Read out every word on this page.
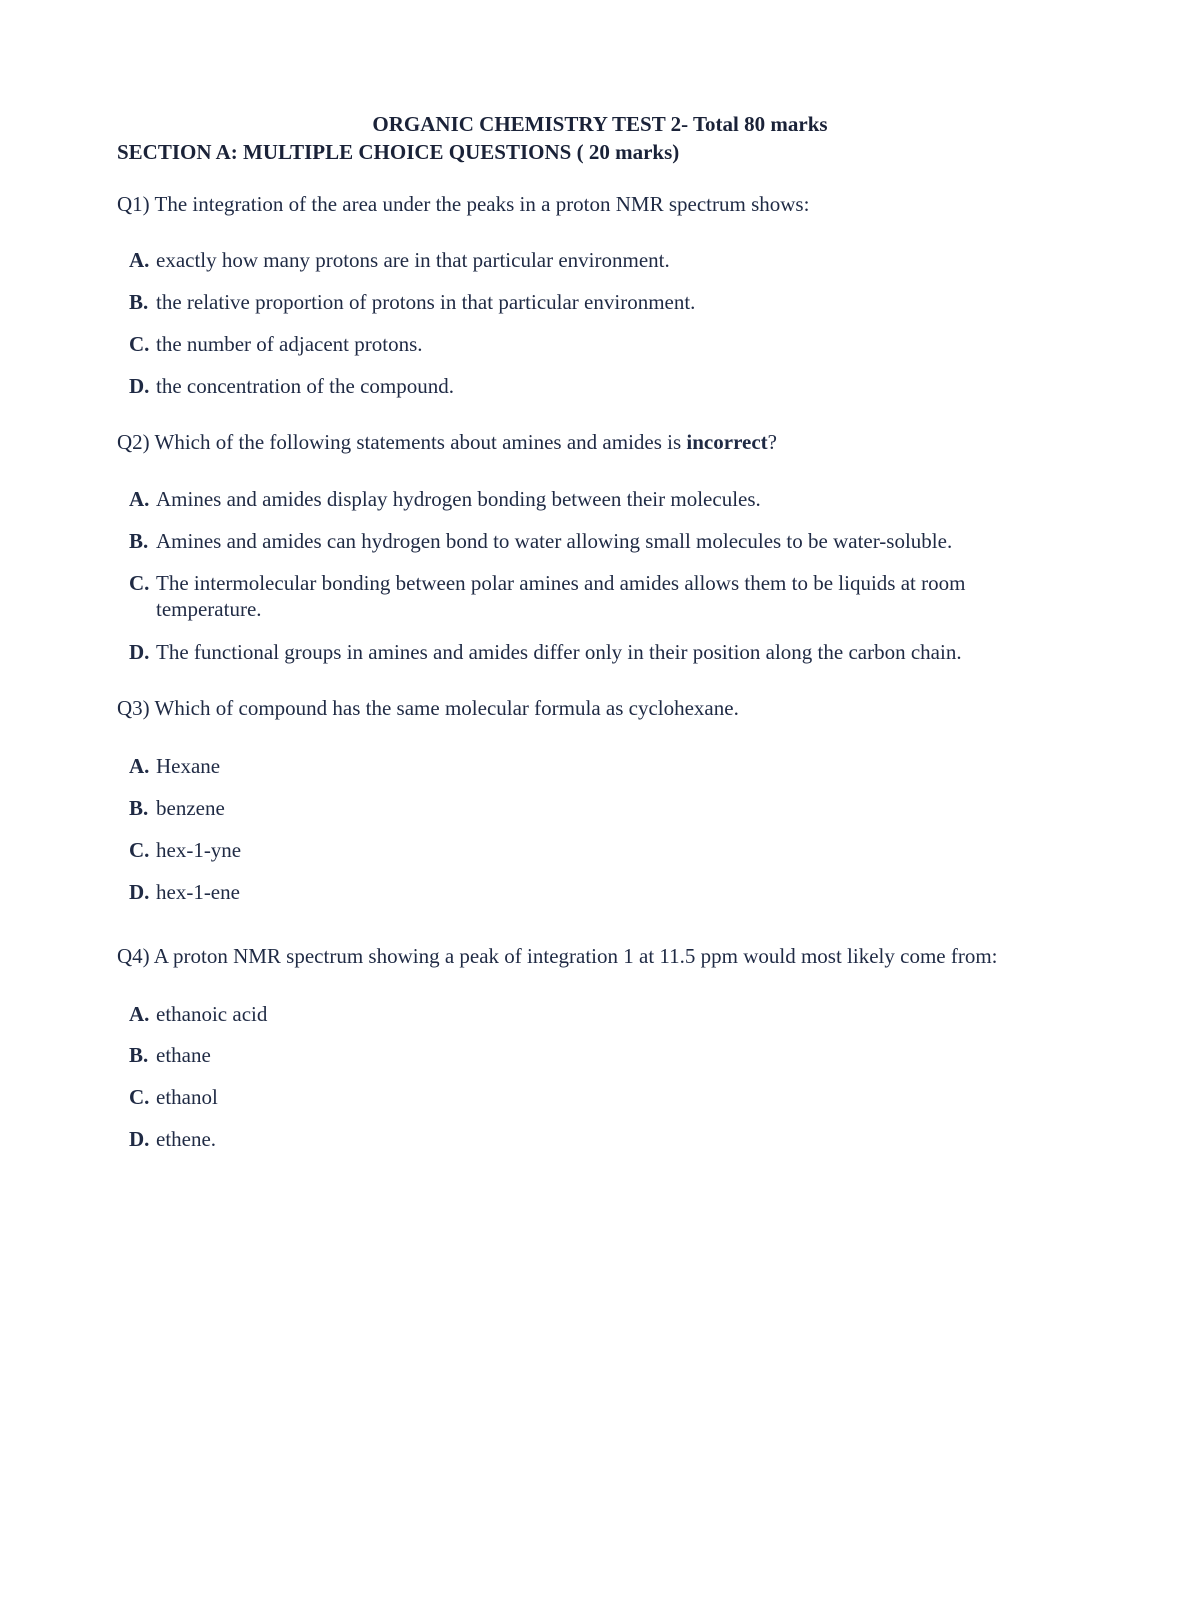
ORGANIC CHEMISTRY TEST 2- Total 80 marks
SECTION A: MULTIPLE CHOICE QUESTIONS ( 20 marks)
Q1) The integration of the area under the peaks in a proton NMR spectrum shows:
A. exactly how many protons are in that particular environment.
B. the relative proportion of protons in that particular environment.
C. the number of adjacent protons.
D. the concentration of the compound.
Q2) Which of the following statements about amines and amides is incorrect?
A. Amines and amides display hydrogen bonding between their molecules.
B. Amines and amides can hydrogen bond to water allowing small molecules to be water-soluble.
C. The intermolecular bonding between polar amines and amides allows them to be liquids at room temperature.
D. The functional groups in amines and amides differ only in their position along the carbon chain.
Q3) Which of compound has the same molecular formula as cyclohexane.
A. Hexane
B. benzene
C. hex-1-yne
D. hex-1-ene
Q4) A proton NMR spectrum showing a peak of integration 1 at 11.5 ppm would most likely come from:
A. ethanoic acid
B. ethane
C. ethanol
D. ethene.
